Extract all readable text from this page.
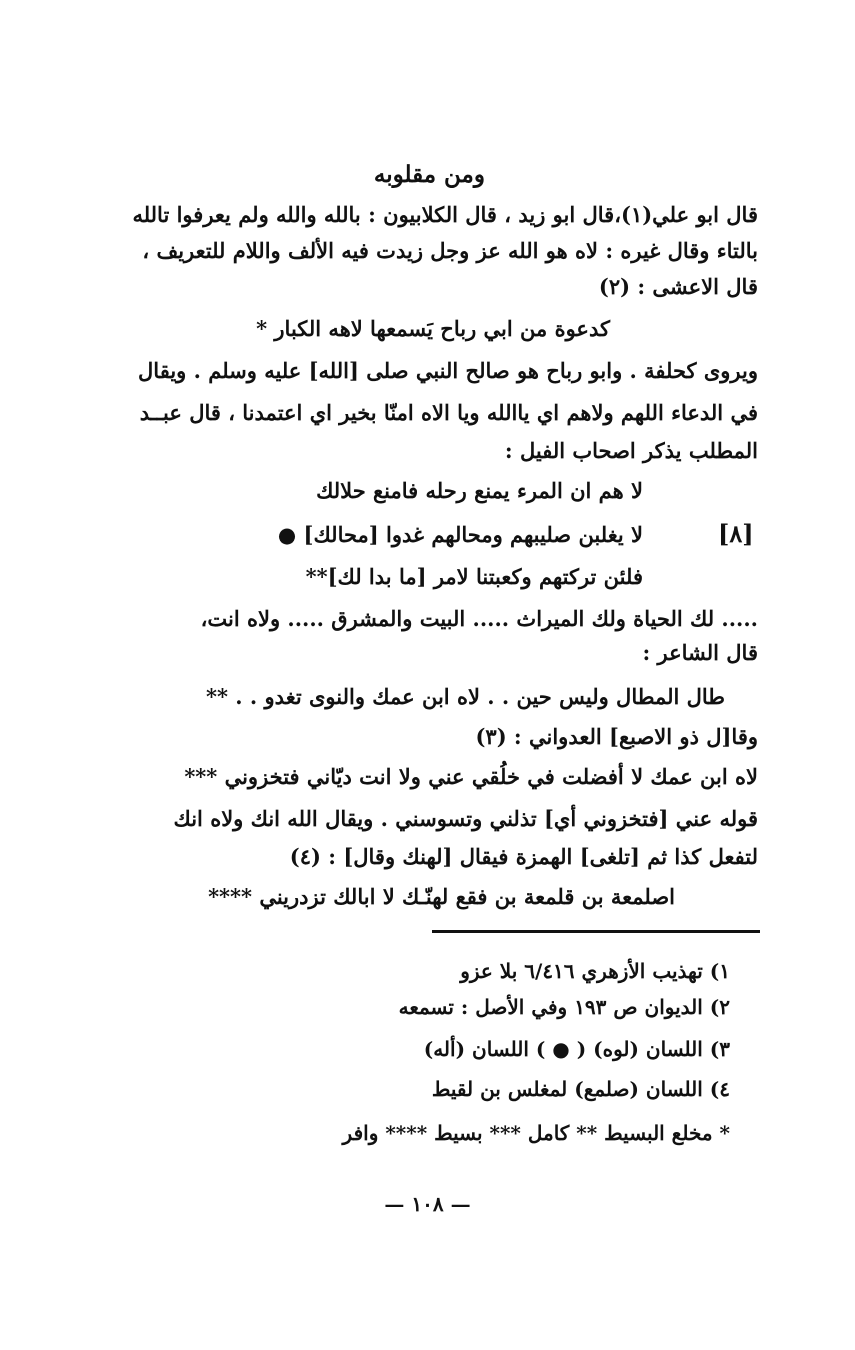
ومن مقلوبه
قال ابو علي(١)،قال ابو زيد ، قال الكلابيون : بالله والله ولم يعرفوا تالله
بالتاء وقال غيره : لاه هو الله عز وجل زيدت فيه الألف واللام للتعريف ،
قال الاعشى : (٢)
كدعوة من ابي رباح يَسمعها لاهه الكبار *
ويروى كحلفة . وابو رباح هو صالح النبي صلى [الله] عليه وسلم . ويقال
في الدعاء اللهم ولاهم اي ياالله ويا الاه امنّا بخير اي اعتمدنا ، قال عبــد
المطلب يذكر اصحاب الفيل :
لا هم ان المرء يمنع رحله فامنع حلالك
[٨]
لا يغلبن صليبهم ومحالهم غدوا [محالك] ●
فلئن تركتهم وكعبتنا لامر [ما بدا لك]**
..... لك الحياة ولك الميراث ..... البيت والمشرق ..... ولاه انت،
قال الشاعر :
طال المطال وليس حين . . لاه ابن عمك والنوى تغدو . . **
وقا[ل ذو الاصبع] العدواني : (٣)
لاه ابن عمك لا أفضلت في خلُقي عني ولا انت ديّاني فتخزوني ***
قوله عني [فتخزوني أي] تذلني وتسوسني . ويقال الله انك ولاه انك
لتفعل كذا ثم [تلغى] الهمزة فيقال [لهنك وقال] : (٤)
اصلمعة بن قلمعة بن فقع لهنّـك لا ابالك تزدريني ****
١) تهذيب الأزهري ٦/٤١٦ بلا عزو
٢) الديوان ص ١٩٣ وفي الأصل : تسمعه
٣) اللسان (لوه) ( ● ) اللسان (أله)
٤) اللسان (صلمع) لمغلس بن لقيط
* مخلع البسيط ** كامل *** بسيط **** وافر
— ١٠٨ —
